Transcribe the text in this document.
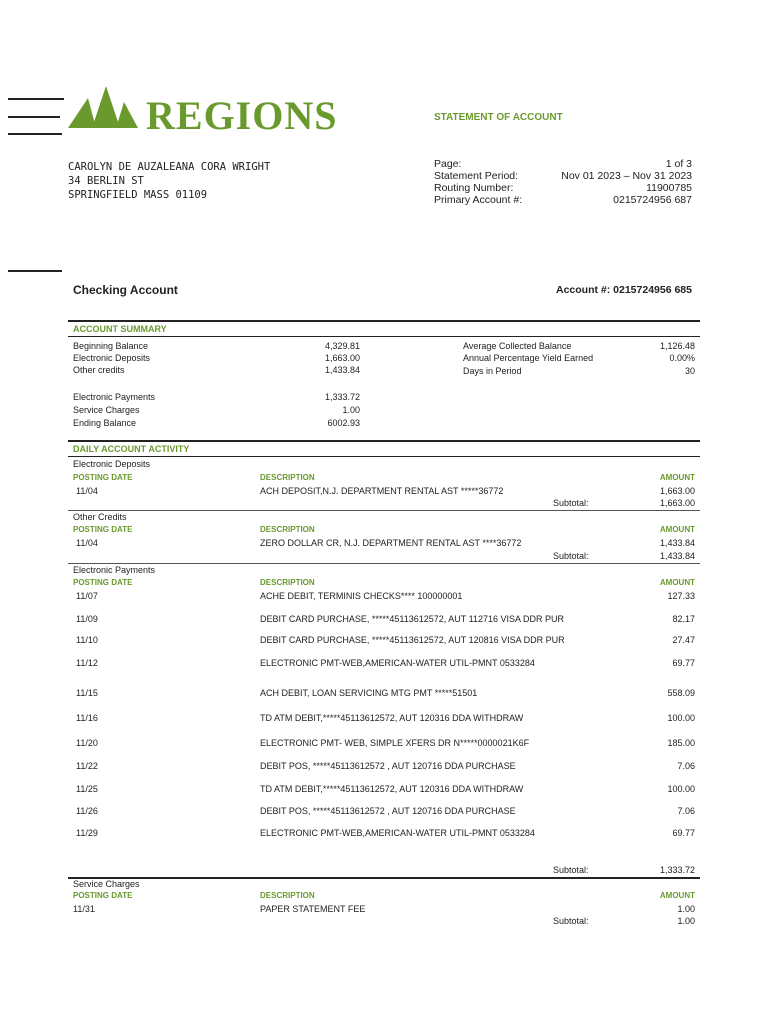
REGIONS	STATEMENT OF ACCOUNT
CAROLYN DE AUZALEANA CORA WRIGHT
34 BERLIN ST
SPRINGFIELD MASS 01109
Page:	1 of 3
Statement Period:	Nov 01 2023 – Nov 31 2023
Routing Number:	11900785
Primary Account #:	0215724956 687
Checking Account	Account #: 0215724956 685
ACCOUNT SUMMARY
Beginning Balance	4,329.81
Electronic Deposits	1,663.00
Other credits	1,433.84
Electronic Payments	1,333.72
Service Charges	1.00
Ending Balance	6002.93
Average Collected Balance	1,126.48
Annual Percentage Yield Earned	0.00%
Days in Period	30
DAILY ACCOUNT ACTIVITY
Electronic Deposits
POSTING DATE	DESCRIPTION	AMOUNT
11/04	ACH DEPOSIT,N.J. DEPARTMENT RENTAL AST *****36772	1,663.00
Subtotal:	1,663.00
Other Credits
POSTING DATE	DESCRIPTION	AMOUNT
11/04	ZERO DOLLAR CR, N.J. DEPARTMENT RENTAL AST ****36772	1,433.84
Subtotal:	1,433.84
Electronic Payments
POSTING DATE	DESCRIPTION	AMOUNT
11/07	ACHE DEBIT, TERMINIS CHECKS**** 100000001	127.33
11/09	DEBIT CARD PURCHASE, *****45113612572, AUT 112716 VISA DDR PUR	82.17
11/10	DEBIT CARD PURCHASE, *****45113612572, AUT 120816 VISA DDR PUR	27.47
11/12	ELECTRONIC PMT-WEB,AMERICAN-WATER UTIL-PMNT 0533284	69.77
11/15	ACH DEBIT, LOAN SERVICING MTG PMT *****51501	558.09
11/16	TD ATM DEBIT,*****45113612572, AUT 120316 DDA WITHDRAW	100.00
11/20	ELECTRONIC PMT- WEB, SIMPLE XFERS DR N*****0000021K6F	185.00
11/22	DEBIT POS, *****45113612572 , AUT 120716 DDA PURCHASE	7.06
11/25	TD ATM DEBIT,*****45113612572, AUT 120316 DDA WITHDRAW	100.00
11/26	DEBIT POS, *****45113612572 , AUT 120716 DDA PURCHASE	7.06
11/29	ELECTRONIC PMT-WEB,AMERICAN-WATER UTIL-PMNT 0533284	69.77
Subtotal:	1,333.72
Service Charges
POSTING DATE	DESCRIPTION	AMOUNT
11/31	PAPER STATEMENT FEE	1.00
Subtotal:	1.00
